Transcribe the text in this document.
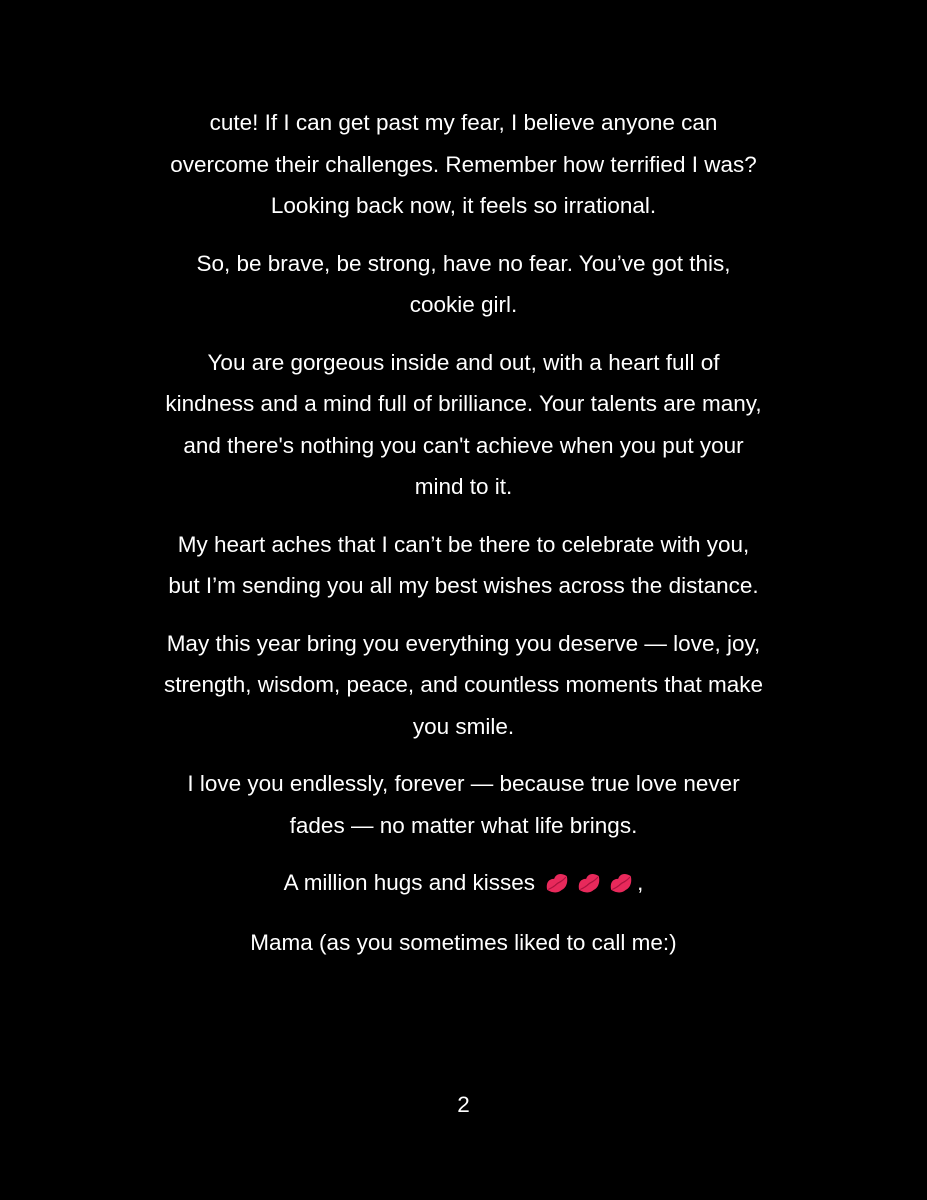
cute! If I can get past my fear, I believe anyone can
overcome their challenges. Remember how terrified I was?
Looking back now, it feels so irrational.

So, be brave, be strong, have no fear. You’ve got this,
cookie girl.

You are gorgeous inside and out, with a heart full of
kindness and a mind full of brilliance. Your talents are many,
and there's nothing you can't achieve when you put your
mind to it.

My heart aches that I can’t be there to celebrate with you,
but I’m sending you all my best wishes across the distance.

May this year bring you everything you deserve — love, joy,
strength, wisdom, peace, and countless moments that make
you smile.

I love you endlessly, forever — because true love never
fades — no matter what life brings.

A million hugs and kisses	,

Mama (as you sometimes liked to call me:)

2
